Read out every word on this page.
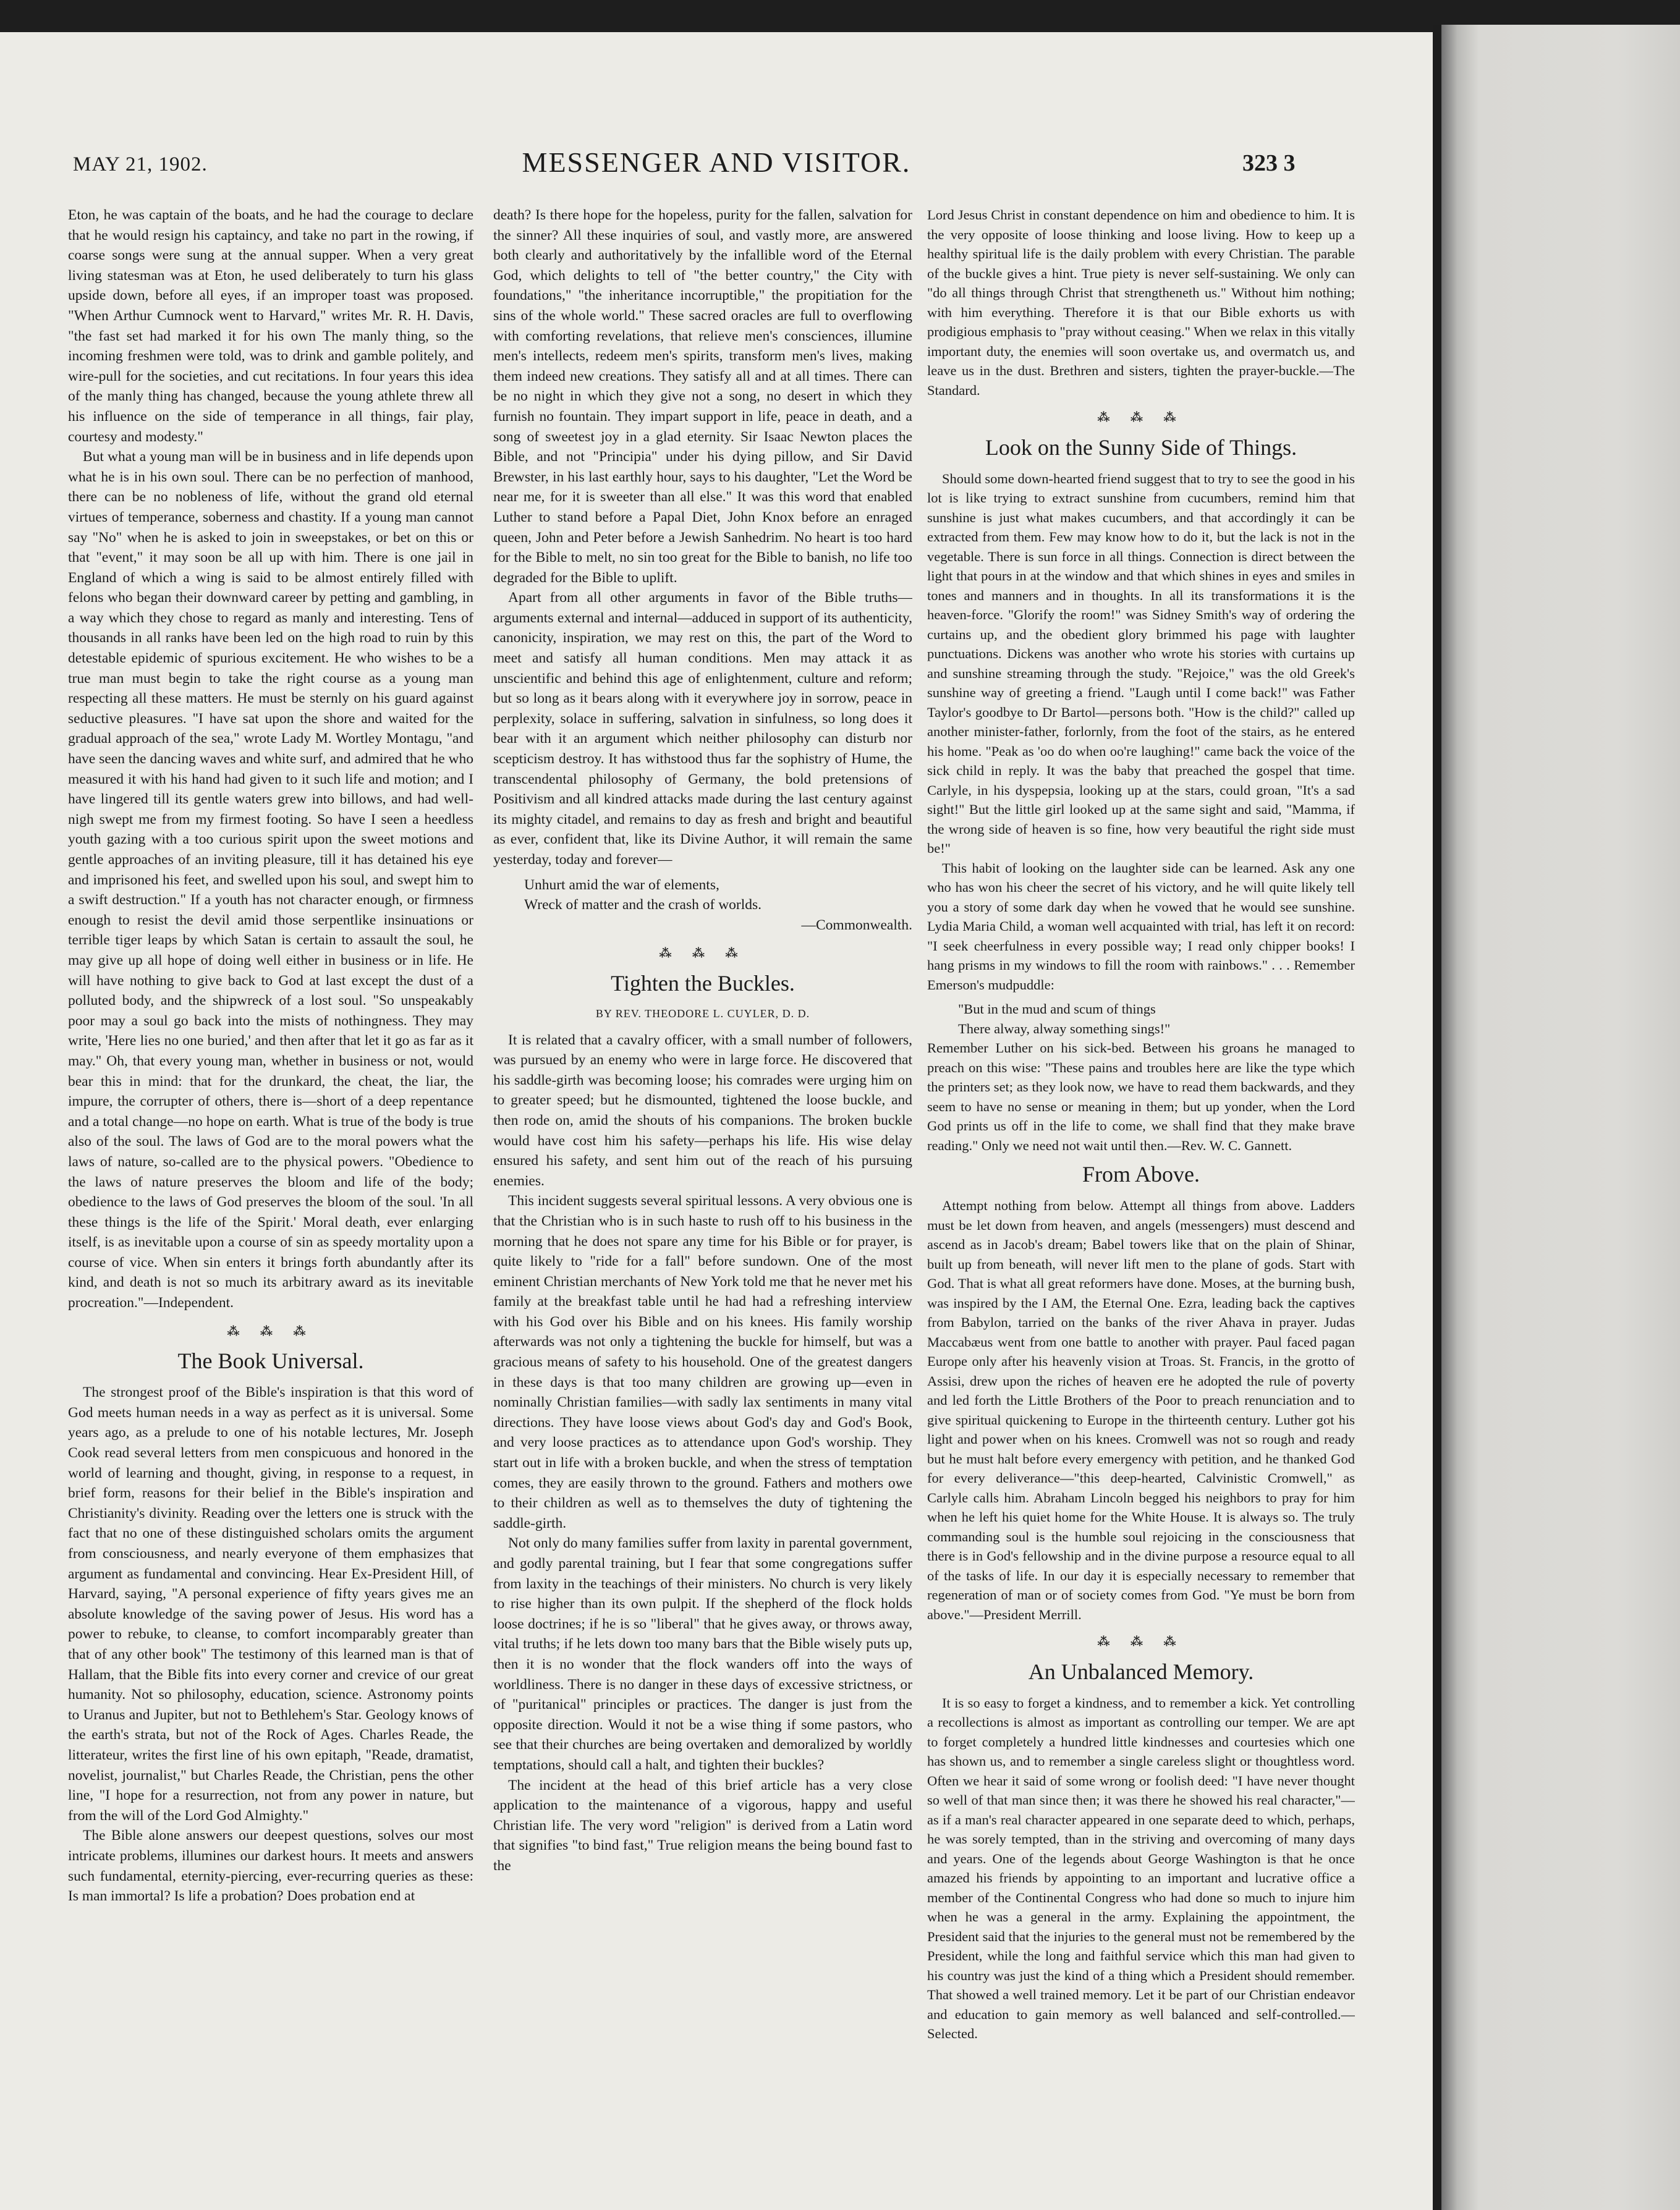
MAY 21, 1902.	MESSENGER AND VISITOR.	323 3

Eton, he was captain of the boats, and he had the courage to declare that he would resign his captaincy, and take no part in the rowing, if coarse songs were sung at the annual supper. When a very great living statesman was at Eton, he used deliberately to turn his glass upside down, before all eyes, if an improper toast was proposed. "When Arthur Cumnock went to Harvard," writes Mr. R. H. Davis, "the fast set had marked it for his own The manly thing, so the incoming freshmen were told, was to drink and gamble politely, and wire-pull for the societies, and cut recitations. In four years this idea of the manly thing has changed, because the young athlete threw all his influence on the side of temperance in all things, fair play, courtesy and modesty."

But what a young man will be in business and in life depends upon what he is in his own soul. There can be no perfection of manhood, there can be no nobleness of life, without the grand old eternal virtues of temperance, soberness and chastity. If a young man cannot say "No" when he is asked to join in sweepstakes, or bet on this or that "event," it may soon be all up with him. There is one jail in England of which a wing is said to be almost entirely filled with felons who began their downward career by petting and gambling, in a way which they chose to regard as manly and interesting. Tens of thousands in all ranks have been led on the high road to ruin by this detestable epidemic of spurious excitement. He who wishes to be a true man must begin to take the right course as a young man respecting all these matters. He must be sternly on his guard against seductive pleasures. "I have sat upon the shore and waited for the gradual approach of the sea," wrote Lady M. Wortley Montagu, "and have seen the dancing waves and white surf, and admired that he who measured it with his hand had given to it such life and motion; and I have lingered till its gentle waters grew into billows, and had well-nigh swept me from my firmest footing. So have I seen a heedless youth gazing with a too curious spirit upon the sweet motions and gentle approaches of an inviting pleasure, till it has detained his eye and imprisoned his feet, and swelled upon his soul, and swept him to a swift destruction." If a youth has not character enough, or firmness enough to resist the devil amid those serpentlike insinuations or terrible tiger leaps by which Satan is certain to assault the soul, he may give up all hope of doing well either in business or in life. He will have nothing to give back to God at last except the dust of a polluted body, and the shipwreck of a lost soul. "So unspeakably poor may a soul go back into the mists of nothingness. They may write, 'Here lies no one buried,' and then after that let it go as far as it may." Oh, that every young man, whether in business or not, would bear this in mind: that for the drunkard, the cheat, the liar, the impure, the corrupter of others, there is—short of a deep repentance and a total change—no hope on earth. What is true of the body is true also of the soul. The laws of God are to the moral powers what the laws of nature, so-called are to the physical powers. "Obedience to the laws of nature preserves the bloom and life of the body; obedience to the laws of God preserves the bloom of the soul. 'In all these things is the life of the Spirit.' Moral death, ever enlarging itself, is as inevitable upon a course of sin as speedy mortality upon a course of vice. When sin enters it brings forth abundantly after its kind, and death is not so much its arbitrary award as its inevitable procreation."—Independent.

⁂ ⁂ ⁂
The Book Universal.

The strongest proof of the Bible's inspiration is that this word of God meets human needs in a way as perfect as it is universal. Some years ago, as a prelude to one of his notable lectures, Mr. Joseph Cook read several letters from men conspicuous and honored in the world of learning and thought, giving, in response to a request, in brief form, reasons for their belief in the Bible's inspiration and Christianity's divinity. Reading over the letters one is struck with the fact that no one of these distinguished scholars omits the argument from consciousness, and nearly everyone of them emphasizes that argument as fundamental and convincing. Hear Ex-President Hill, of Harvard, saying, "A personal experience of fifty years gives me an absolute knowledge of the saving power of Jesus. His word has a power to rebuke, to cleanse, to comfort incomparably greater than that of any other book" The testimony of this learned man is that of Hallam, that the Bible fits into every corner and crevice of our great humanity. Not so philosophy, education, science. Astronomy points to Uranus and Jupiter, but not to Bethlehem's Star. Geology knows of the earth's strata, but not of the Rock of Ages. Charles Reade, the litterateur, writes the first line of his own epitaph, "Reade, dramatist, novelist, journalist," but Charles Reade, the Christian, pens the other line, "I hope for a resurrection, not from any power in nature, but from the will of the Lord God Almighty."

The Bible alone answers our deepest questions, solves our most intricate problems, illumines our darkest hours. It meets and answers such fundamental, eternity-piercing, ever-recurring queries as these: Is man immortal? Is life a probation? Does probation end at

death? Is there hope for the hopeless, purity for the fallen, salvation for the sinner? All these inquiries of soul, and vastly more, are answered both clearly and authoritatively by the infallible word of the Eternal God, which delights to tell of "the better country," the City with foundations," "the inheritance incorruptible," the propitiation for the sins of the whole world." These sacred oracles are full to overflowing with comforting revelations, that relieve men's consciences, illumine men's intellects, redeem men's spirits, transform men's lives, making them indeed new creations. They satisfy all and at all times. There can be no night in which they give not a song, no desert in which they furnish no fountain. They impart support in life, peace in death, and a song of sweetest joy in a glad eternity. Sir Isaac Newton places the Bible, and not "Principia" under his dying pillow, and Sir David Brewster, in his last earthly hour, says to his daughter, "Let the Word be near me, for it is sweeter than all else." It was this word that enabled Luther to stand before a Papal Diet, John Knox before an enraged queen, John and Peter before a Jewish Sanhedrim. No heart is too hard for the Bible to melt, no sin too great for the Bible to banish, no life too degraded for the Bible to uplift.

Apart from all other arguments in favor of the Bible truths—arguments external and internal—adduced in support of its authenticity, canonicity, inspiration, we may rest on this, the part of the Word to meet and satisfy all human conditions. Men may attack it as unscientific and behind this age of enlightenment, culture and reform; but so long as it bears along with it everywhere joy in sorrow, peace in perplexity, solace in suffering, salvation in sinfulness, so long does it bear with it an argument which neither philosophy can disturb nor scepticism destroy. It has withstood thus far the sophistry of Hume, the transcendental philosophy of Germany, the bold pretensions of Positivism and all kindred attacks made during the last century against its mighty citadel, and remains to day as fresh and bright and beautiful as ever, confident that, like its Divine Author, it will remain the same yesterday, today and forever—

Unhurt amid the war of elements,
Wreck of matter and the crash of worlds.
—Commonwealth.
⁂ ⁂ ⁂
Tighten the Buckles.
BY REV. THEODORE L. CUYLER, D. D.

It is related that a cavalry officer, with a small number of followers, was pursued by an enemy who were in large force. He discovered that his saddle-girth was becoming loose; his comrades were urging him on to greater speed; but he dismounted, tightened the loose buckle, and then rode on, amid the shouts of his companions. The broken buckle would have cost him his safety—perhaps his life. His wise delay ensured his safety, and sent him out of the reach of his pursuing enemies.

This incident suggests several spiritual lessons. A very obvious one is that the Christian who is in such haste to rush off to his business in the morning that he does not spare any time for his Bible or for prayer, is quite likely to "ride for a fall" before sundown. One of the most eminent Christian merchants of New York told me that he never met his family at the breakfast table until he had had a refreshing interview with his God over his Bible and on his knees. His family worship afterwards was not only a tightening the buckle for himself, but was a gracious means of safety to his household. One of the greatest dangers in these days is that too many children are growing up—even in nominally Christian families—with sadly lax sentiments in many vital directions. They have loose views about God's day and God's Book, and very loose practices as to attendance upon God's worship. They start out in life with a broken buckle, and when the stress of temptation comes, they are easily thrown to the ground. Fathers and mothers owe to their children as well as to themselves the duty of tightening the saddle-girth.

Not only do many families suffer from laxity in parental government, and godly parental training, but I fear that some congregations suffer from laxity in the teachings of their ministers. No church is very likely to rise higher than its own pulpit. If the shepherd of the flock holds loose doctrines; if he is so "liberal" that he gives away, or throws away, vital truths; if he lets down too many bars that the Bible wisely puts up, then it is no wonder that the flock wanders off into the ways of worldliness. There is no danger in these days of excessive strictness, or of "puritanical" principles or practices. The danger is just from the opposite direction. Would it not be a wise thing if some pastors, who see that their churches are being overtaken and demoralized by worldly temptations, should call a halt, and tighten their buckles?

The incident at the head of this brief article has a very close application to the maintenance of a vigorous, happy and useful Christian life. The very word "religion" is derived from a Latin word that signifies "to bind fast," True religion means the being bound fast to the

Lord Jesus Christ in constant dependence on him and obedience to him. It is the very opposite of loose thinking and loose living. How to keep up a healthy spiritual life is the daily problem with every Christian. The parable of the buckle gives a hint. True piety is never self-sustaining. We only can "do all things through Christ that strengtheneth us." Without him nothing; with him everything. Therefore it is that our Bible exhorts us with prodigious emphasis to "pray without ceasing." When we relax in this vitally important duty, the enemies will soon overtake us, and overmatch us, and leave us in the dust. Brethren and sisters, tighten the prayer-buckle.—The Standard.

⁂ ⁂ ⁂
Look on the Sunny Side of Things.

Should some down-hearted friend suggest that to try to see the good in his lot is like trying to extract sunshine from cucumbers, remind him that sunshine is just what makes cucumbers, and that accordingly it can be extracted from them. Few may know how to do it, but the lack is not in the vegetable. There is sun force in all things. Connection is direct between the light that pours in at the window and that which shines in eyes and smiles in tones and manners and in thoughts. In all its transformations it is the heaven-force. "Glorify the room!" was Sidney Smith's way of ordering the curtains up, and the obedient glory brimmed his page with laughter punctuations. Dickens was another who wrote his stories with curtains up and sunshine streaming through the study. "Rejoice," was the old Greek's sunshine way of greeting a friend. "Laugh until I come back!" was Father Taylor's goodbye to Dr Bartol—persons both. "How is the child?" called up another minister-father, forlornly, from the foot of the stairs, as he entered his home. "Peak as 'oo do when oo're laughing!" came back the voice of the sick child in reply. It was the baby that preached the gospel that time. Carlyle, in his dyspepsia, looking up at the stars, could groan, "It's a sad sight!" But the little girl looked up at the same sight and said, "Mamma, if the wrong side of heaven is so fine, how very beautiful the right side must be!"

This habit of looking on the laughter side can be learned. Ask any one who has won his cheer the secret of his victory, and he will quite likely tell you a story of some dark day when he vowed that he would see sunshine. Lydia Maria Child, a woman well acquainted with trial, has left it on record: "I seek cheerfulness in every possible way; I read only chipper books! I hang prisms in my windows to fill the room with rainbows." . . . Remember Emerson's mudpuddle:

"But in the mud and scum of things
There alway, alway something sings!"

Remember Luther on his sick-bed. Between his groans he managed to preach on this wise: "These pains and troubles here are like the type which the printers set; as they look now, we have to read them backwards, and they seem to have no sense or meaning in them; but up yonder, when the Lord God prints us off in the life to come, we shall find that they make brave reading." Only we need not wait until then.—Rev. W. C. Gannett.

From Above.

Attempt nothing from below. Attempt all things from above. Ladders must be let down from heaven, and angels (messengers) must descend and ascend as in Jacob's dream; Babel towers like that on the plain of Shinar, built up from beneath, will never lift men to the plane of gods. Start with God. That is what all great reformers have done. Moses, at the burning bush, was inspired by the I AM, the Eternal One. Ezra, leading back the captives from Babylon, tarried on the banks of the river Ahava in prayer. Judas Maccabæus went from one battle to another with prayer. Paul faced pagan Europe only after his heavenly vision at Troas. St. Francis, in the grotto of Assisi, drew upon the riches of heaven ere he adopted the rule of poverty and led forth the Little Brothers of the Poor to preach renunciation and to give spiritual quickening to Europe in the thirteenth century. Luther got his light and power when on his knees. Cromwell was not so rough and ready but he must halt before every emergency with petition, and he thanked God for every deliverance—"this deep-hearted, Calvinistic Cromwell," as Carlyle calls him. Abraham Lincoln begged his neighbors to pray for him when he left his quiet home for the White House. It is always so. The truly commanding soul is the humble soul rejoicing in the consciousness that there is in God's fellowship and in the divine purpose a resource equal to all of the tasks of life. In our day it is especially necessary to remember that regeneration of man or of society comes from God. "Ye must be born from above."—President Merrill.

⁂ ⁂ ⁂
An Unbalanced Memory.

It is so easy to forget a kindness, and to remember a kick. Yet controlling a recollections is almost as important as controlling our temper. We are apt to forget completely a hundred little kindnesses and courtesies which one has shown us, and to remember a single careless slight or thoughtless word. Often we hear it said of some wrong or foolish deed: "I have never thought so well of that man since then; it was there he showed his real character,"—as if a man's real character appeared in one separate deed to which, perhaps, he was sorely tempted, than in the striving and overcoming of many days and years. One of the legends about George Washington is that he once amazed his friends by appointing to an important and lucrative office a member of the Continental Congress who had done so much to injure him when he was a general in the army. Explaining the appointment, the President said that the injuries to the general must not be remembered by the President, while the long and faithful service which this man had given to his country was just the kind of a thing which a President should remember. That showed a well trained memory. Let it be part of our Christian endeavor and education to gain memory as well balanced and self-controlled.—Selected.
